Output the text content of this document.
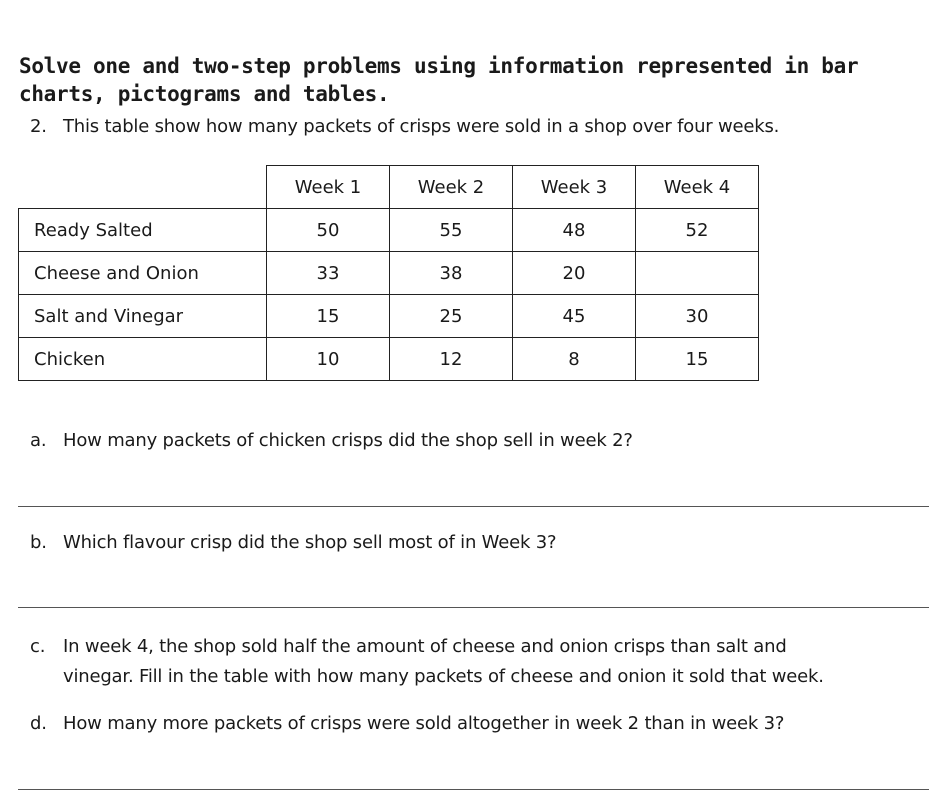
Solve one and two-step problems using information represented in bar charts, pictograms and tables.
2. This table show how many packets of crisps were sold in a shop over four weeks.
	Week 1	Week 2	Week 3	Week 4
Ready Salted	50	55	48	52
Cheese and Onion	33	38	20	
Salt and Vinegar	15	25	45	30
Chicken	10	12	8	15
a. How many packets of chicken crisps did the shop sell in week 2?
b. Which flavour crisp did the shop sell most of in Week 3?
c. In week 4, the shop sold half the amount of cheese and onion crisps than salt and
vinegar. Fill in the table with how many packets of cheese and onion it sold that week.
d. How many more packets of crisps were sold altogether in week 2 than in week 3?
